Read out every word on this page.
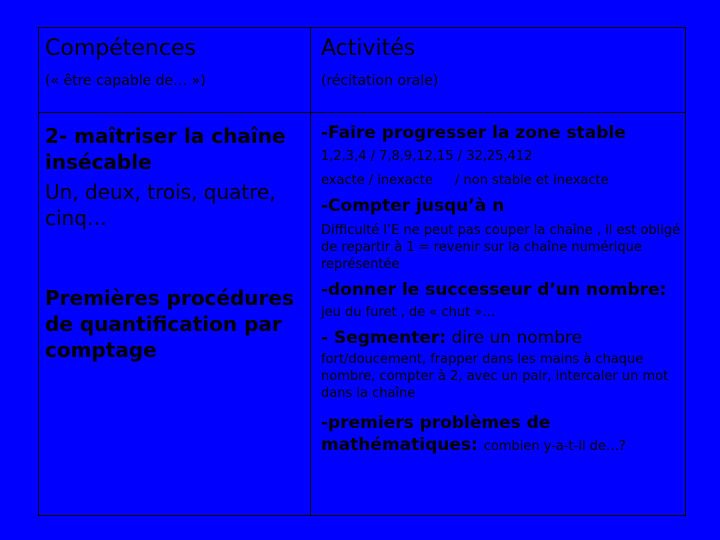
Compétences
(« être capable de… »)
Activités
(récitation orale)
2- maîtriser la chaîne insécable
Un, deux, trois, quatre, cinq…
Premières procédures de quantification par comptage
-Faire progresser la zone stable
1,2,3,4 / 7,8,9,12,15 / 32,25,412
exacte / inexacte / non stable et inexacte
-Compter jusqu’à n
Difficulté l’E ne peut pas couper la chaîne , il est obligé de repartir à 1 = revenir sur la chaîne numérique représentée
-donner le successeur d’un nombre:
jeu du furet , de « chut »…
- Segmenter: dire un nombre
fort/doucement, frapper dans les mains à chaque nombre, compter à 2, avec un pair, intercaler un mot dans la chaîne
-premiers problèmes de mathématiques: combien y-a-t-il de…?
